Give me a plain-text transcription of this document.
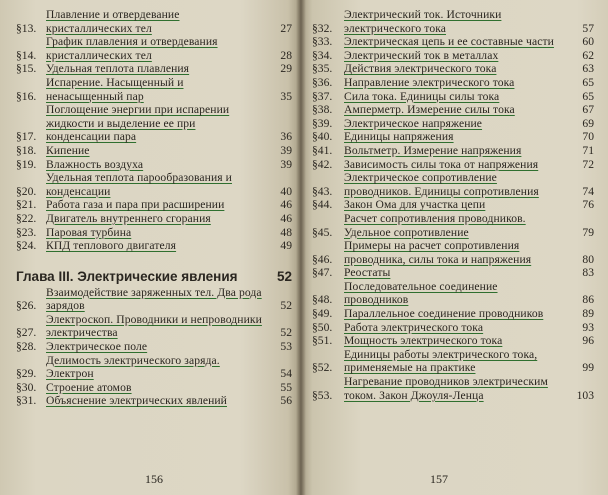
§13.
Плавление и отвердевание кристаллических тел	27
§14.
График плавления и отвердевания кристаллических тел	28
§15. Удельная теплота плавления	29
§16.
Испарение. Насыщенный и ненасыщенный пар	35
§17.
Поглощение энергии при испарении жидкости и выделение ее при конденсации пара	36
§18. Кипение	39
§19. Влажность воздуха	39
§20.
Удельная теплота парообразования и конденсации	40
§21. Работа газа и пара при расширении	46
§22. Двигатель внутреннего сгорания	46
§23. Паровая турбина	48
§24. КПД теплового двигателя	49
Глава III. Электрические явления	52
§26.
Взаимодействие заряженных тел. Два рода зарядов	52
§27.
Электроскоп. Проводники и непроводники электричества	52
§28. Электрическое поле	53
§29.
Делимость электрического заряда. Электрон	54
§30. Строение атомов	55
§31. Объяснение электрических явлений	56
156
§32.
Электрический ток. Источники электрического тока	57
§33.	Электрическая цепь и ее составные части	60
§34.	Электрический ток в металлах	62
§35.	Действия электрического тока	63
§36.	Направление электрического тока	65
§37.	Сила тока. Единицы силы тока	65
§38.	Амперметр. Измерение силы тока	67
§39.	Электрическое напряжение	69
§40.	Единицы напряжения	70
§41.	Вольтметр. Измерение напряжения	71
§42.	Зависимость силы тока от напряжения	72
§43.
Электрическое сопротивление проводников. Единицы сопротивления	74
§44.	Закон Ома для участка цепи	76
§45.
Расчет сопротивления проводников. Удельное сопротивление	79
§46.
Примеры на расчет сопротивления проводника, силы тока и напряжения	80
§47.	Реостаты	83
§48.
Последовательное соединение проводников	86
§49.	Параллельное соединение проводников	89
§50.	Работа электрического тока	93
§51.	Мощность электрического тока	96
§52.
Единицы работы электрического тока, применяемые на практике	99
§53.
Нагревание проводников электрическим током. Закон Джоуля-Ленца	103
157
